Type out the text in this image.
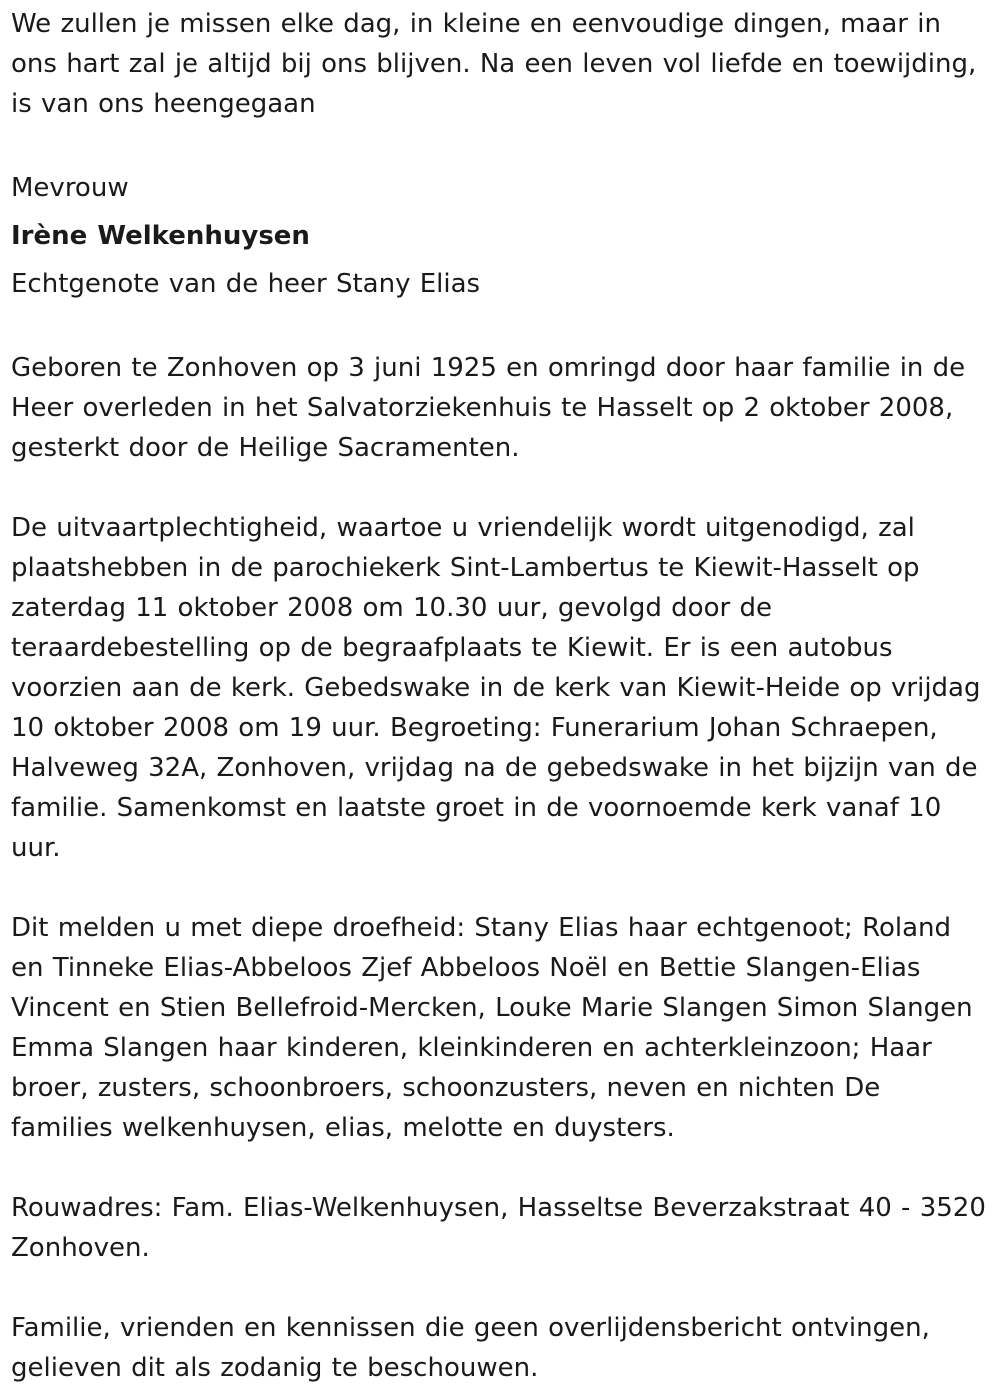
We zullen je missen elke dag, in kleine en eenvoudige dingen, maar in ons hart zal je altijd bij ons blijven. Na een leven vol liefde en toewijding, is van ons heengegaan

Mevrouw

Irène Welkenhuysen

Echtgenote van de heer Stany Elias

Geboren te Zonhoven op 3 juni 1925 en omringd door haar familie in de Heer overleden in het Salvatorziekenhuis te Hasselt op 2 oktober 2008, gesterkt door de Heilige Sacramenten.

De uitvaartplechtigheid, waartoe u vriendelijk wordt uitgenodigd, zal plaatshebben in de parochiekerk Sint-Lambertus te Kiewit-Hasselt op zaterdag 11 oktober 2008 om 10.30 uur, gevolgd door de teraardebestelling op de begraafplaats te Kiewit. Er is een autobus voorzien aan de kerk. Gebedswake in de kerk van Kiewit-Heide op vrijdag 10 oktober 2008 om 19 uur. Begroeting: Funerarium Johan Schraepen, Halveweg 32A, Zonhoven, vrijdag na de gebedswake in het bijzijn van de familie. Samenkomst en laatste groet in de voornoemde kerk vanaf 10 uur.

Dit melden u met diepe droefheid: Stany Elias haar echtgenoot; Roland en Tinneke Elias-Abbeloos Zjef Abbeloos Noël en Bettie Slangen-Elias Vincent en Stien Bellefroid-Mercken, Louke Marie Slangen Simon Slangen Emma Slangen haar kinderen, kleinkinderen en achterkleinzoon; Haar broer, zusters, schoonbroers, schoonzusters, neven en nichten De families welkenhuysen, elias, melotte en duysters.

Rouwadres: Fam. Elias-Welkenhuysen, Hasseltse Beverzakstraat 40 - 3520 Zonhoven.

Familie, vrienden en kennissen die geen overlijdensbericht ontvingen, gelieven dit als zodanig te beschouwen.
